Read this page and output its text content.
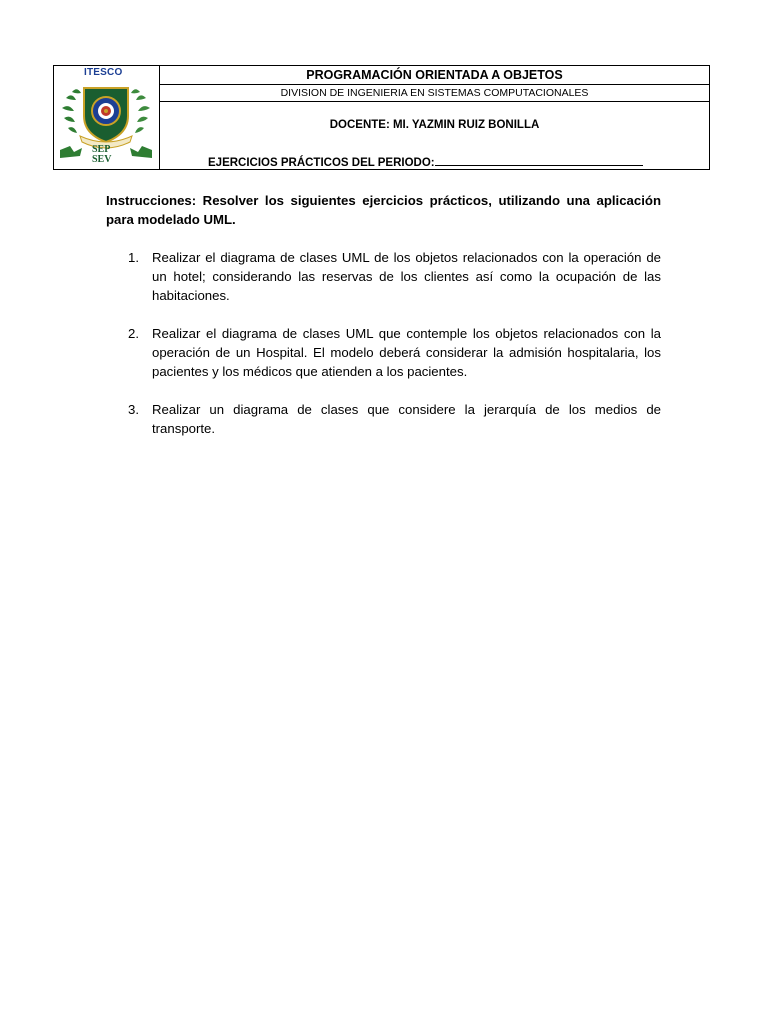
ITESCO
SEP
SEV
PROGRAMACIÓN ORIENTADA A OBJETOS
DIVISION DE INGENIERIA EN SISTEMAS COMPUTACIONALES
DOCENTE: MI. YAZMIN RUIZ BONILLA
EJERCICIOS PRÁCTICOS DEL PERIODO:

Instrucciones: Resolver los siguientes ejercicios prácticos, utilizando una aplicación para modelado UML.

1. Realizar el diagrama de clases UML de los objetos relacionados con la operación de un hotel; considerando las reservas de los clientes así como la ocupación de las habitaciones.
2. Realizar el diagrama de clases UML que contemple los objetos relacionados con la operación de un Hospital. El modelo deberá considerar la admisión hospitalaria, los pacientes y los médicos que atienden a los pacientes.
3. Realizar un diagrama de clases que considere la jerarquía de los medios de transporte.
